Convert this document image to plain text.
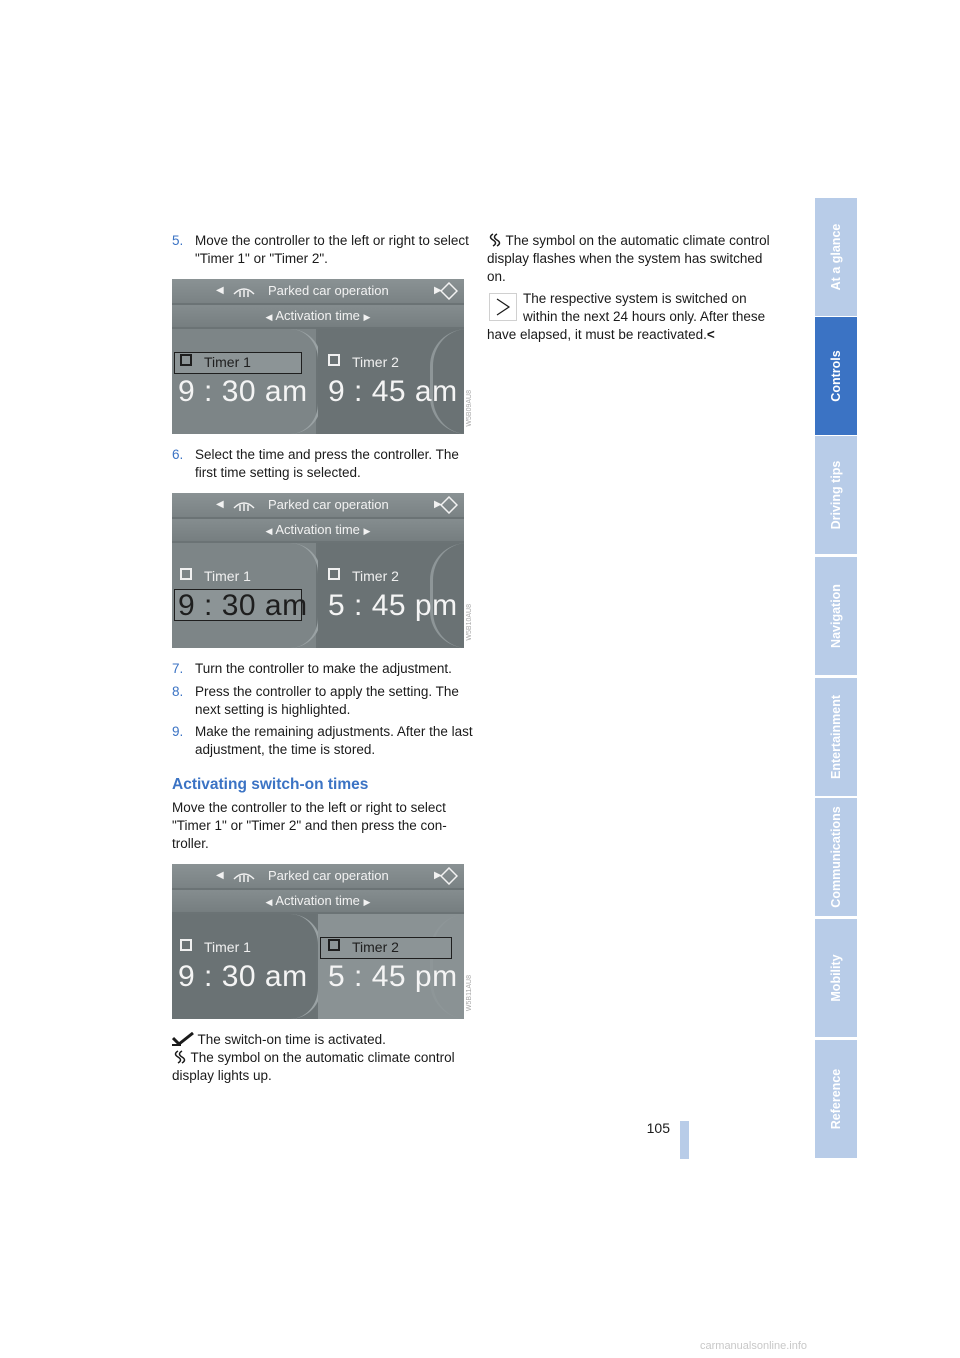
5. Move the controller to the left or right to select "Timer 1" or "Timer 2".
◀	Parked car operation	▶
◀ Activation time ▶
Timer 1
9 : 30 am
Timer 2
9 : 45 am W5B09AU8
6. Select the time and press the controller. The first time setting is selected.
◀	Parked car operation	▶
◀ Activation time ▶
Timer 1
9 : 30 am
Timer 2
5 : 45 pm W5B10AU8
7. Turn the controller to make the adjustment.
8. Press the controller to apply the setting. The next setting is highlighted.
9. Make the remaining adjustments. After the last adjustment, the time is stored.
Activating switch-on times
Move the controller to the left or right to select "Timer 1" or "Timer 2" and then press the con-troller.
◀	Parked car operation	▶
◀ Activation time ▶
Timer 1
9 : 30 am
Timer 2
5 : 45 pm W5B11AU8
The switch-on time is activated.
The symbol on the automatic climate control display lights up.
The symbol on the automatic climate control display flashes when the system has switched on.
The respective system is switched on
within the next 24 hours only. After these
have elapsed, it must be reactivated.<
At a glance
Controls
Driving tips
Navigation
Entertainment
Communications
Mobility
Reference
105
carmanualsonline.info
